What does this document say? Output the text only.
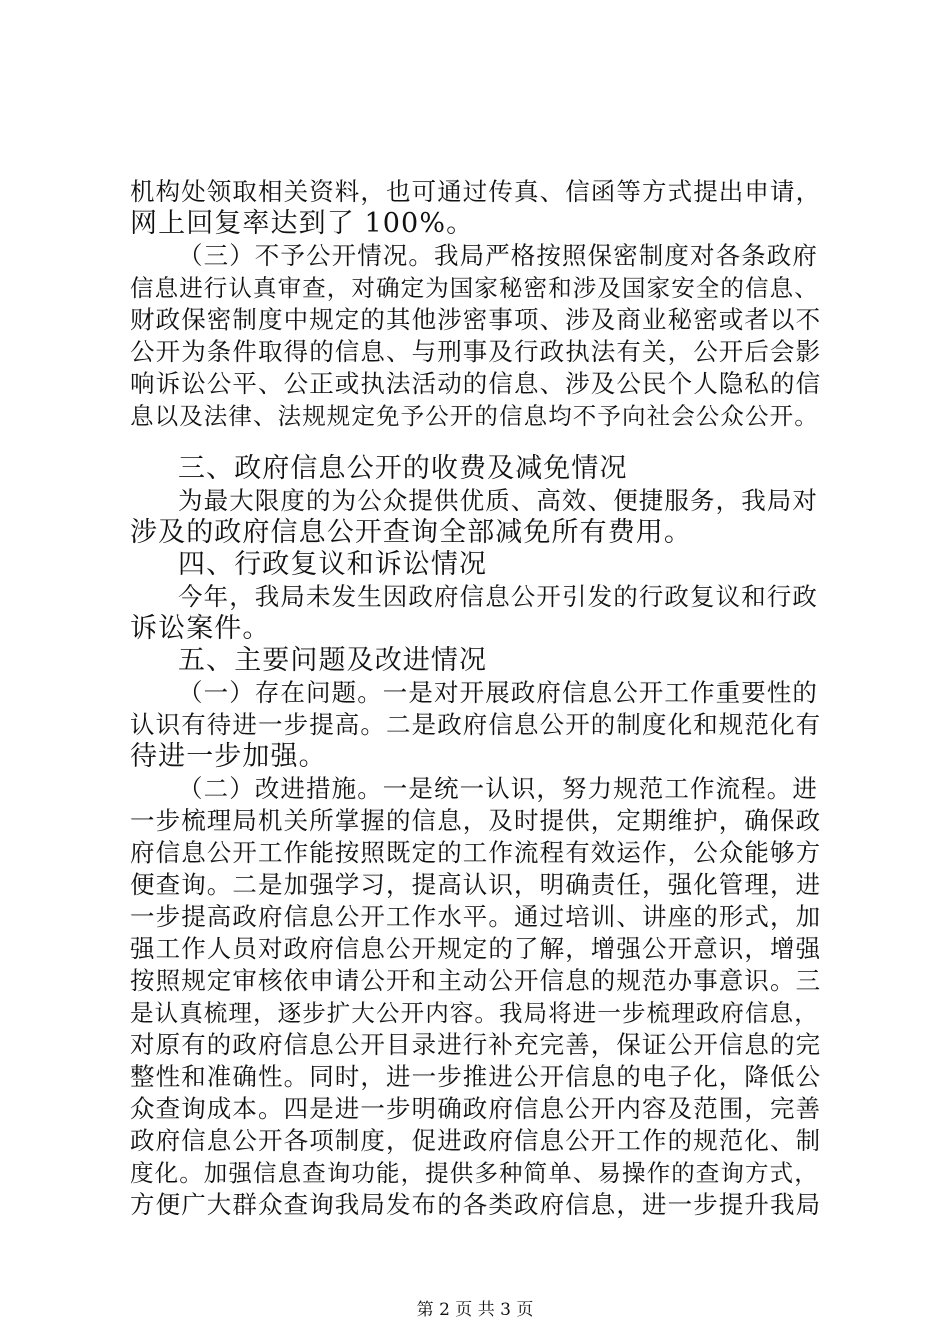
机构处领取相关资料，也可通过传真、信函等方式提出申请，
网上回复率达到了 100%。
（三）不予公开情况。我局严格按照保密制度对各条政府
信息进行认真审查，对确定为国家秘密和涉及国家安全的信息、
财政保密制度中规定的其他涉密事项、涉及商业秘密或者以不
公开为条件取得的信息、与刑事及行政执法有关，公开后会影
响诉讼公平、公正或执法活动的信息、涉及公民个人隐私的信
息以及法律、法规规定免予公开的信息均不予向社会公众公开。
三、政府信息公开的收费及减免情况
为最大限度的为公众提供优质、高效、便捷服务，我局对
涉及的政府信息公开查询全部减免所有费用。
四、行政复议和诉讼情况
今年，我局未发生因政府信息公开引发的行政复议和行政
诉讼案件。
五、主要问题及改进情况
（一）存在问题。一是对开展政府信息公开工作重要性的
认识有待进一步提高。二是政府信息公开的制度化和规范化有
待进一步加强。
（二）改进措施。一是统一认识，努力规范工作流程。进
一步梳理局机关所掌握的信息，及时提供，定期维护，确保政
府信息公开工作能按照既定的工作流程有效运作，公众能够方
便查询。二是加强学习，提高认识，明确责任，强化管理，进
一步提高政府信息公开工作水平。通过培训、讲座的形式，加
强工作人员对政府信息公开规定的了解，增强公开意识，增强
按照规定审核依申请公开和主动公开信息的规范办事意识。三
是认真梳理，逐步扩大公开内容。我局将进一步梳理政府信息，
对原有的政府信息公开目录进行补充完善，保证公开信息的完
整性和准确性。同时，进一步推进公开信息的电子化，降低公
众查询成本。四是进一步明确政府信息公开内容及范围，完善
政府信息公开各项制度，促进政府信息公开工作的规范化、制
度化。加强信息查询功能，提供多种简单、易操作的查询方式，
方便广大群众查询我局发布的各类政府信息，进一步提升我局
第 2 页 共 3 页
